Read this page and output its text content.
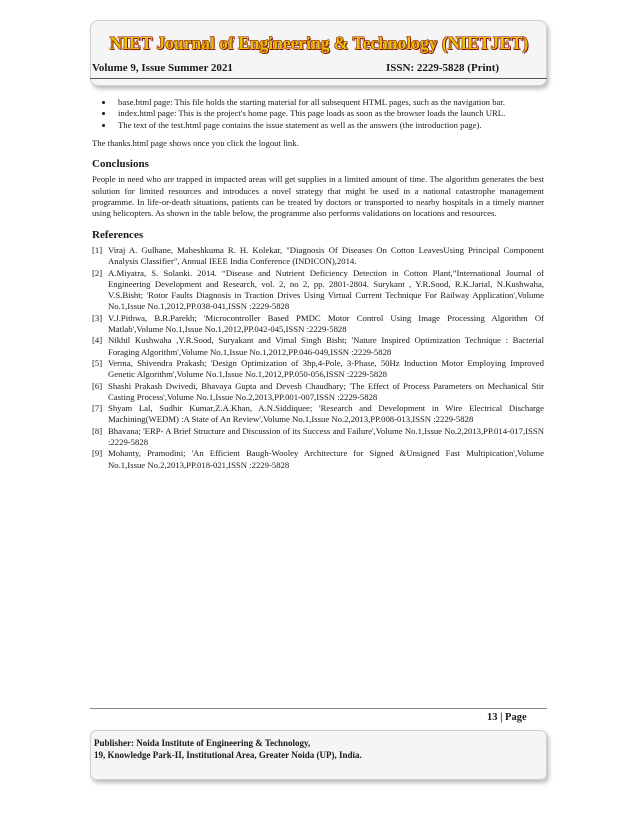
NIET Journal of Engineering & Technology (NIETJET)
Volume 9, Issue Summer 2021	ISSN: 2229-5828 (Print)
• base.html page: This file holds the starting material for all subsequent HTML pages, such as the navigation bar.
• index.html page: This is the project's home page. This page loads as soon as the browser loads the launch URL.
• The text of the test.html page contains the issue statement as well as the answers (the introduction page).

The thanks.html page shows once you click the logout link.

Conclusions

People in need who are trapped in impacted areas will get supplies in a limited amount of time. The algorithm generates the best solution for limited resources and introduces a novel strategy that might be used in a national catastrophe management programme. In life-or-death situations, patients can be treated by doctors or transported to nearby hospitals in a timely manner using helicopters. As shown in the table below, the programme also performs validations on locations and resources.

References
[1] Viraj A. Gulhane, Maheshkuma R. H. Kolekar, "Diagnosis Of Diseases On Cotton LeavesUsing Principal Component Analysis Classifier", Annual IEEE India Conference (INDICON),2014.
[2] A.Miyatra, S. Solanki. 2014. “Disease and Nutrient Deficiency Detection in Cotton Plant,”International Journal of Engineering Development and Research, vol. 2, no 2, pp. 2801-2804. Surykant , Y.R.Sood, R.K.Jarial, N.Kushwaha, V.S.Bisht; 'Rotor Faults Diagnosis in Traction Drives Using Virtual Current Technique For Railway Application',Volume No.1,Issue No.1,2012,PP.038-041,ISSN :2229-5828
[3] V.J.Pithwa, B.R.Parekh; 'Microcontroller Based PMDC Motor Control Using Image Processing Algorithm Of Matlab',Volume No.1,Issue No.1,2012,PP.042-045,ISSN :2229-5828
[4] Nikhil Kushwaha ,Y.R.Sood, Suryakant and Vimal Singh Bisht; 'Nature Inspired Optimization Technique : Bacterial Foraging Algorithm',Volume No.1,Issue No.1,2012,PP.046-049,ISSN :2229-5828
[5] Verma, Shivendra Prakash; 'Design Optimization of 3hp,4-Pole, 3-Phase, 50Hz Induction Motor Employing Improved Genetic Algorithm',Volume No.1,Issue No.1,2012,PP.050-056,ISSN :2229-5828
[6] Shashi Prakash Dwivedi, Bhavaya Gupta and Devesh Chaudhary; 'The Effect of Process Parameters on Mechanical Stir Casting Process',Volume No.1,Issue No.2,2013,PP.001-007,ISSN :2229-5828
[7] Shyam Lal, Sudhir Kumar,Z.A.Khan, A.N.Siddiquee; 'Research and Development in Wire Electrical Discharge Machining(WEDM) :A State of An Review',Volume No.1,Issue No.2,2013,PP.008-013,ISSN :2229-5828
[8] Bhavana; 'ERP- A Brief Structure and Discussion of its Success and Failure',Volume No.1,Issue No.2,2013,PP.014-017,ISSN :2229-5828
[9] Mohanty, Pramodini; 'An Efficient Baugh-Wooley Architecture for Signed &Unsigned Fast Multipication',Volume No.1,Issue No.2,2013,PP.018-021,ISSN :2229-5828
13 | Page
Publisher: Noida Institute of Engineering & Technology,
19, Knowledge Park-II, Institutional Area, Greater Noida (UP), India.
